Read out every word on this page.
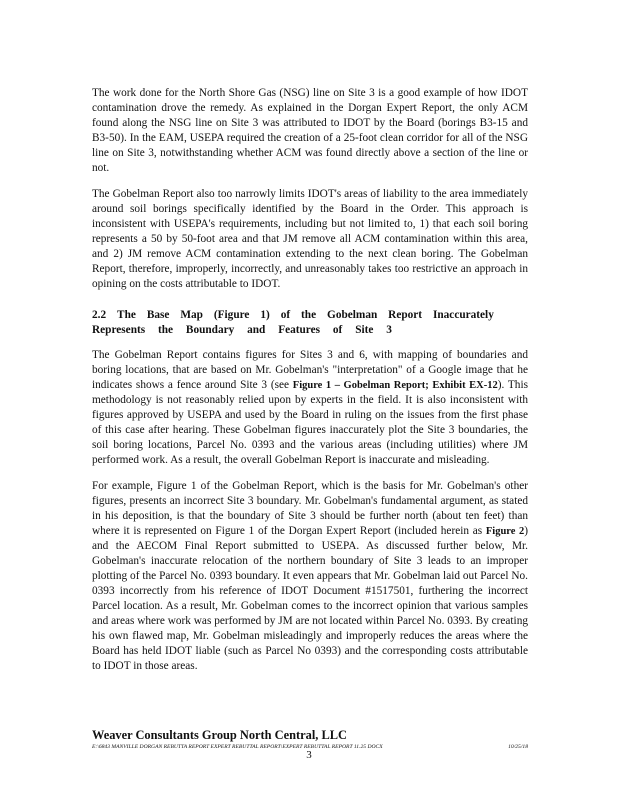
The work done for the North Shore Gas (NSG) line on Site 3 is a good example of how IDOT contamination drove the remedy. As explained in the Dorgan Expert Report, the only ACM found along the NSG line on Site 3 was attributed to IDOT by the Board (borings B3-15 and B3-50). In the EAM, USEPA required the creation of a 25-foot clean corridor for all of the NSG line on Site 3, notwithstanding whether ACM was found directly above a section of the line or not.

The Gobelman Report also too narrowly limits IDOT's areas of liability to the area immediately around soil borings specifically identified by the Board in the Order. This approach is inconsistent with USEPA's requirements, including but not limited to, 1) that each soil boring represents a 50 by 50-foot area and that JM remove all ACM contamination within this area, and 2) JM remove ACM contamination extending to the next clean boring. The Gobelman Report, therefore, improperly, incorrectly, and unreasonably takes too restrictive an approach in opining on the costs attributable to IDOT.

2.2 The Base Map (Figure 1) of the Gobelman Report Inaccurately
Represents the Boundary and Features of Site 3

The Gobelman Report contains figures for Sites 3 and 6, with mapping of boundaries and boring locations, that are based on Mr. Gobelman's "interpretation" of a Google image that he indicates shows a fence around Site 3 (see Figure 1 – Gobelman Report; Exhibit EX-12). This methodology is not reasonably relied upon by experts in the field. It is also inconsistent with figures approved by USEPA and used by the Board in ruling on the issues from the first phase of this case after hearing. These Gobelman figures inaccurately plot the Site 3 boundaries, the soil boring locations, Parcel No. 0393 and the various areas (including utilities) where JM performed work. As a result, the overall Gobelman Report is inaccurate and misleading.

For example, Figure 1 of the Gobelman Report, which is the basis for Mr. Gobelman's other figures, presents an incorrect Site 3 boundary. Mr. Gobelman's fundamental argument, as stated in his deposition, is that the boundary of Site 3 should be further north (about ten feet) than where it is represented on Figure 1 of the Dorgan Expert Report (included herein as Figure 2) and the AECOM Final Report submitted to USEPA. As discussed further below, Mr. Gobelman's inaccurate relocation of the northern boundary of Site 3 leads to an improper plotting of the Parcel No. 0393 boundary. It even appears that Mr. Gobelman laid out Parcel No. 0393 incorrectly from his reference of IDOT Document #1517501, furthering the incorrect Parcel location. As a result, Mr. Gobelman comes to the incorrect opinion that various samples and areas where work was performed by JM are not located within Parcel No. 0393. By creating his own flawed map, Mr. Gobelman misleadingly and improperly reduces the areas where the Board has held IDOT liable (such as Parcel No 0393) and the corresponding costs attributable to IDOT in those areas.

Weaver Consultants Group North Central, LLC

E:\6843 MANVILLE DORGAN REBUTTA REPORT EXPERT REBUTTAL REPORT\EXPERT REBUTTAL REPORT 11.25 DOCX	10/25/18
3
